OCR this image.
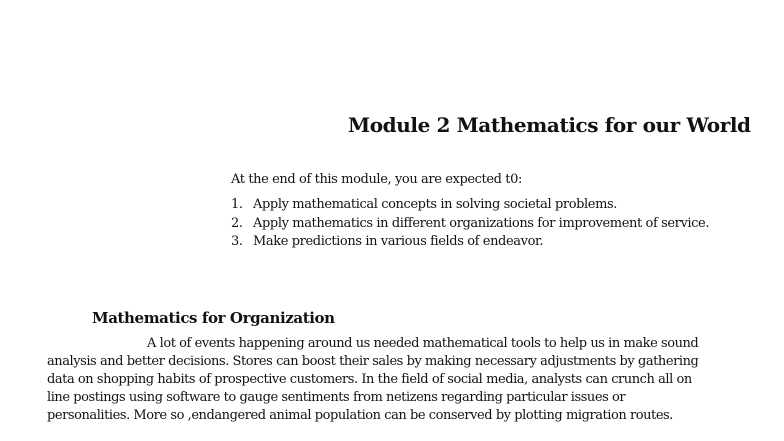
Module 2 Mathematics for our World
At the end of this module, you are expected t0:
1. Apply mathematical concepts in solving societal problems.
2. Apply mathematics in different organizations for improvement of service.
3. Make predictions in various fields of endeavor.
Mathematics for Organization
A lot of events happening around us needed mathematical tools to help us in make sound
analysis and better decisions. Stores can boost their sales by making necessary adjustments by gathering
data on shopping habits of prospective customers. In the field of social media, analysts can crunch all on
line postings using software to gauge sentiments from netizens regarding particular issues or
personalities. More so ,endangered animal population can be conserved by plotting migration routes.
